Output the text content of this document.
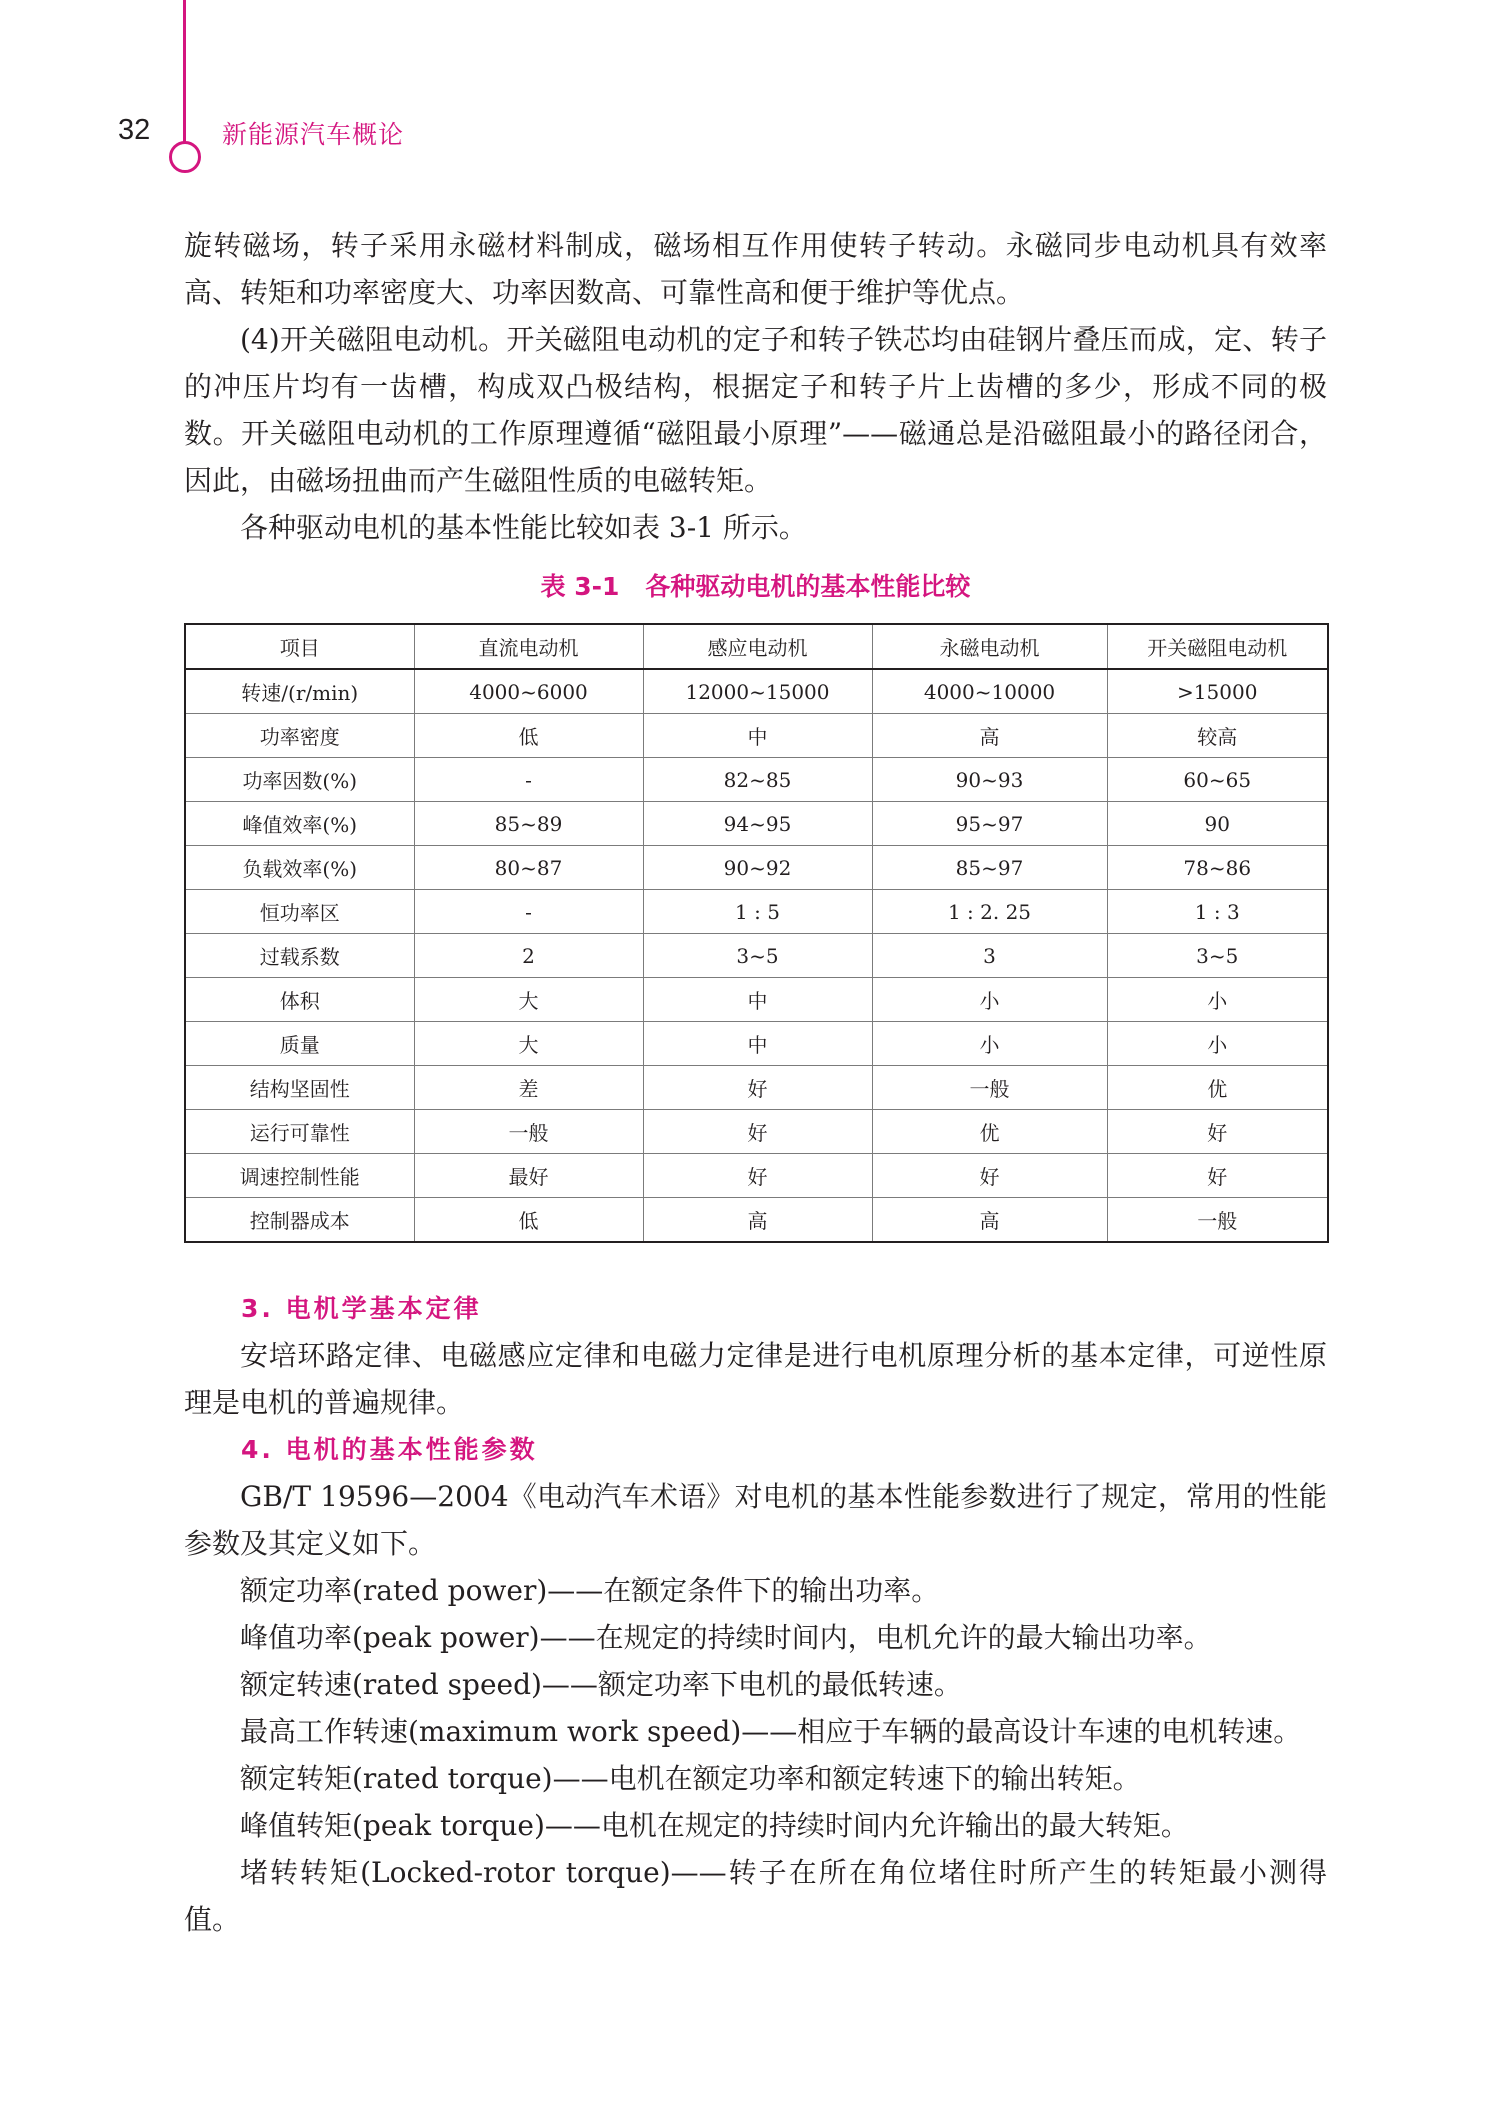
32	新能源汽车概论

旋转磁场，转子采用永磁材料制成，磁场相互作用使转子转动。永磁同步电动机具有效率高、转矩和功率密度大、功率因数高、可靠性高和便于维护等优点。

(4)开关磁阻电动机。开关磁阻电动机的定子和转子铁芯均由硅钢片叠压而成，定、转子的冲压片均有一齿槽，构成双凸极结构，根据定子和转子片上齿槽的多少，形成不同的极数。开关磁阻电动机的工作原理遵循“磁阻最小原理”——磁通总是沿磁阻最小的路径闭合，因此，由磁场扭曲而产生磁阻性质的电磁转矩。

各种驱动电机的基本性能比较如表 3-1 所示。

表 3-1 各种驱动电机的基本性能比较
项目	直流电动机	感应电动机	永磁电动机	开关磁阻电动机
转速/(r/min)	4000~6000	12000~15000	4000~10000	>15000
功率密度	低	中	高	较高
功率因数(%)	-	82~85	90~93	60~65
峰值效率(%)	85~89	94~95	95~97	90
负载效率(%)	80~87	90~92	85~97	78~86
恒功率区	-	1 : 5	1 : 2. 25	1 : 3
过载系数	2	3~5	3	3~5
体积	大	中	小	小
质量	大	中	小	小
结构坚固性	差	好	一般	优
运行可靠性	一般	好	优	好
调速控制性能	最好	好	好	好
控制器成本	低	高	高	一般
3. 电机学基本定律

安培环路定律、电磁感应定律和电磁力定律是进行电机原理分析的基本定律，可逆性原理是电机的普遍规律。

4. 电机的基本性能参数

GB/T 19596—2004《电动汽车术语》对电机的基本性能参数进行了规定，常用的性能参数及其定义如下。

额定功率(rated power)——在额定条件下的输出功率。

峰值功率(peak power)——在规定的持续时间内，电机允许的最大输出功率。

额定转速(rated speed)——额定功率下电机的最低转速。

最高工作转速(maximum work speed)——相应于车辆的最高设计车速的电机转速。

额定转矩(rated torque)——电机在额定功率和额定转速下的输出转矩。

峰值转矩(peak torque)——电机在规定的持续时间内允许输出的最大转矩。

堵转转矩(Locked-rotor torque)——转子在所在角位堵住时所产生的转矩最小测得值。
